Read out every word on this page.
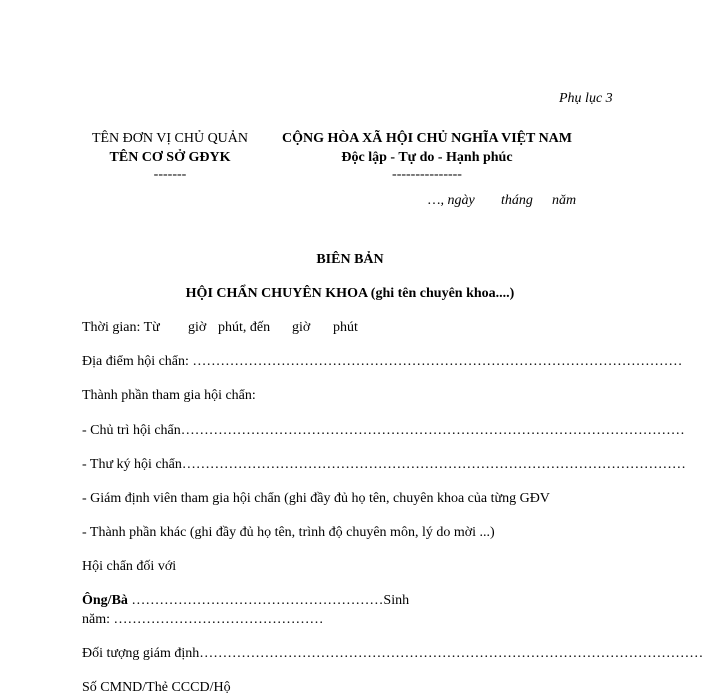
Phụ lục 3
TÊN ĐƠN VỊ CHỦ QUẢN
TÊN CƠ SỞ GĐYK
-------
CỘNG HÒA XÃ HỘI CHỦ NGHĨA VIỆT NAM
Độc lập - Tự do - Hạnh phúc
---------------
…, ngày tháng năm
BIÊN BẢN
HỘI CHẨN CHUYÊN KHOA (ghi tên chuyên khoa....)
Thời gian: Từ giờ phút, đến giờ phút
Địa điểm hội chẩn: ……………………………………………………………………………………………
Thành phần tham gia hội chẩn:
- Chủ trì hội chẩn………………………………………………………………………………………………
- Thư ký hội chẩn………………………………………………………………………………………………
- Giám định viên tham gia hội chẩn (ghi đầy đủ họ tên, chuyên khoa của từng GĐV
- Thành phần khác (ghi đầy đủ họ tên, trình độ chuyên môn, lý do mời ...)
Hội chẩn đối với
Ông/Bà ………………………………………………Sinh
năm: ………………………………………
Đối tượng giám định………………………………………………………………………………………………
Số CMND/Thẻ CCCD/Hộ
